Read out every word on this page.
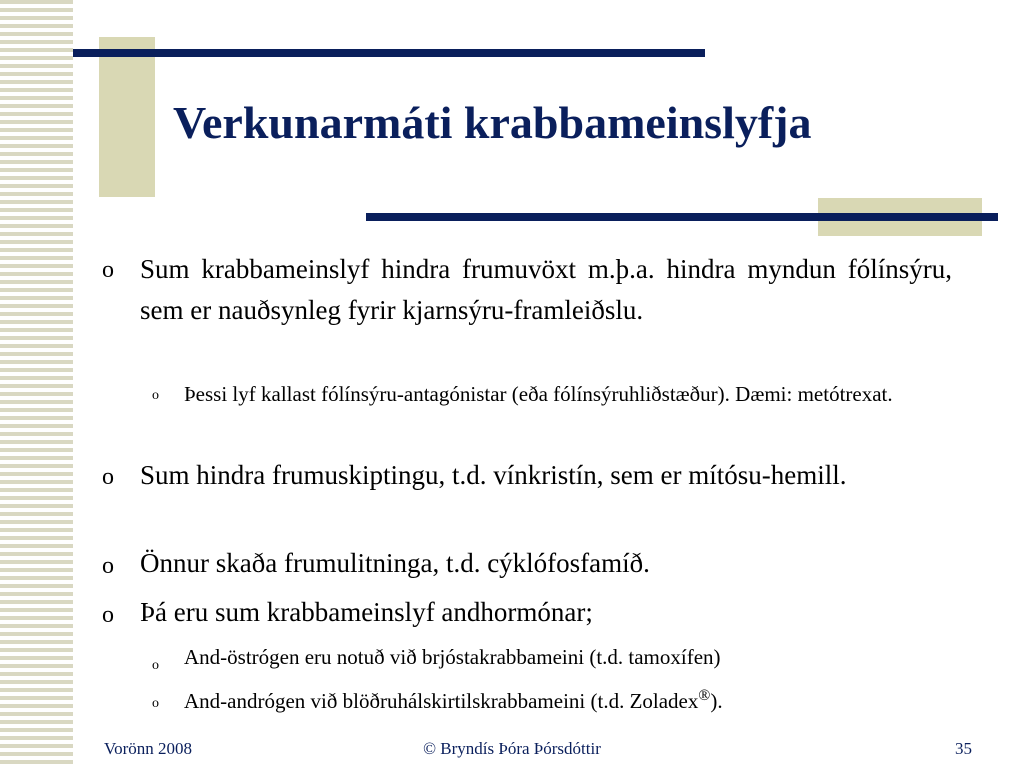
Verkunarmáti krabbameinslyfja
o Sum krabbameinslyf hindra frumuvöxt m.þ.a. hindra myndun fólínsýru, sem er nauðsynleg fyrir kjarnsýru-framleiðslu.
o Þessi lyf kallast fólínsýru-antagónistar (eða fólínsýruhliðstæður). Dæmi: metótrexat.
o Sum hindra frumuskiptingu, t.d. vínkristín, sem er mítósu-hemill.
o Önnur skaða frumulitninga, t.d. cýklófosfamíð.
o Þá eru sum krabbameinslyf andhormónar;
o And-östrógen eru notuð við brjóstakrabbameini (t.d. tamoxífen)
o And-andrógen við blöðruhálskirtilskrabbameini (t.d. Zoladex®).
Vorönn 2008	© Bryndís Þóra Þórsdóttir	35
